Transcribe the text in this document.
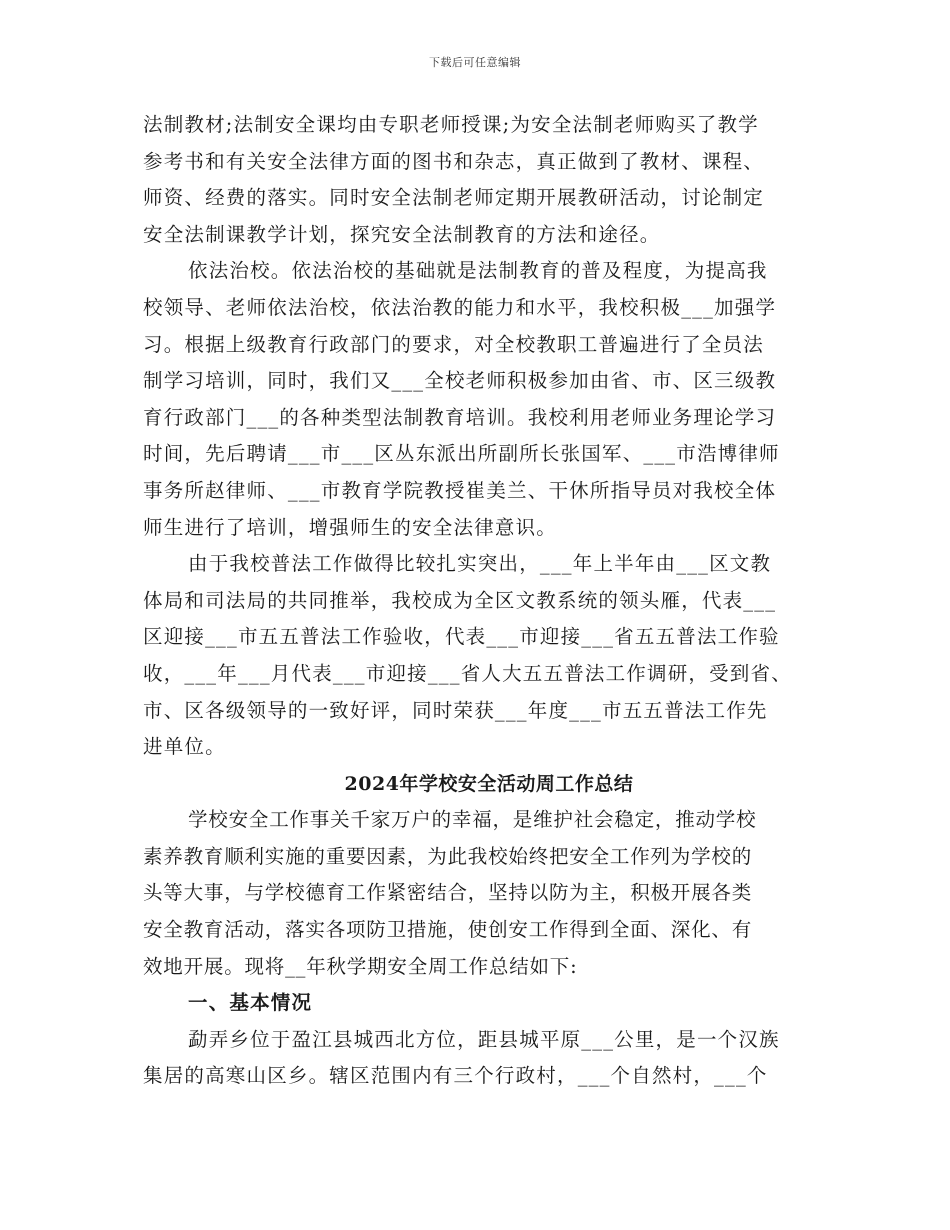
下载后可任意编辑
法制教材;法制安全课均由专职老师授课;为安全法制老师购买了教学
参考书和有关安全法律方面的图书和杂志，真正做到了教材、课程、
师资、经费的落实。同时安全法制老师定期开展教研活动，讨论制定
安全法制课教学计划，探究安全法制教育的方法和途径。
依法治校。依法治校的基础就是法制教育的普及程度，为提高我
校领导、老师依法治校，依法治教的能力和水平，我校积极___加强学
习。根据上级教育行政部门的要求，对全校教职工普遍进行了全员法
制学习培训，同时，我们又___全校老师积极参加由省、市、区三级教
育行政部门___的各种类型法制教育培训。我校利用老师业务理论学习
时间，先后聘请___市___区丛东派出所副所长张国军、___市浩博律师
事务所赵律师、___市教育学院教授崔美兰、干休所指导员对我校全体
师生进行了培训，增强师生的安全法律意识。
由于我校普法工作做得比较扎实突出，___年上半年由___区文教
体局和司法局的共同推举，我校成为全区文教系统的领头雁，代表___
区迎接___市五五普法工作验收，代表___市迎接___省五五普法工作验
收，___年___月代表___市迎接___省人大五五普法工作调研，受到省、
市、区各级领导的一致好评，同时荣获___年度___市五五普法工作先
进单位。
2024年学校安全活动周工作总结
学校安全工作事关千家万户的幸福，是维护社会稳定，推动学校
素养教育顺利实施的重要因素，为此我校始终把安全工作列为学校的
头等大事，与学校德育工作紧密结合，坚持以防为主，积极开展各类
安全教育活动，落实各项防卫措施，使创安工作得到全面、深化、有
效地开展。现将__年秋学期安全周工作总结如下:
一、基本情况
勐弄乡位于盈江县城西北方位，距县城平原___公里，是一个汉族
集居的高寒山区乡。辖区范围内有三个行政村，___个自然村，___个
